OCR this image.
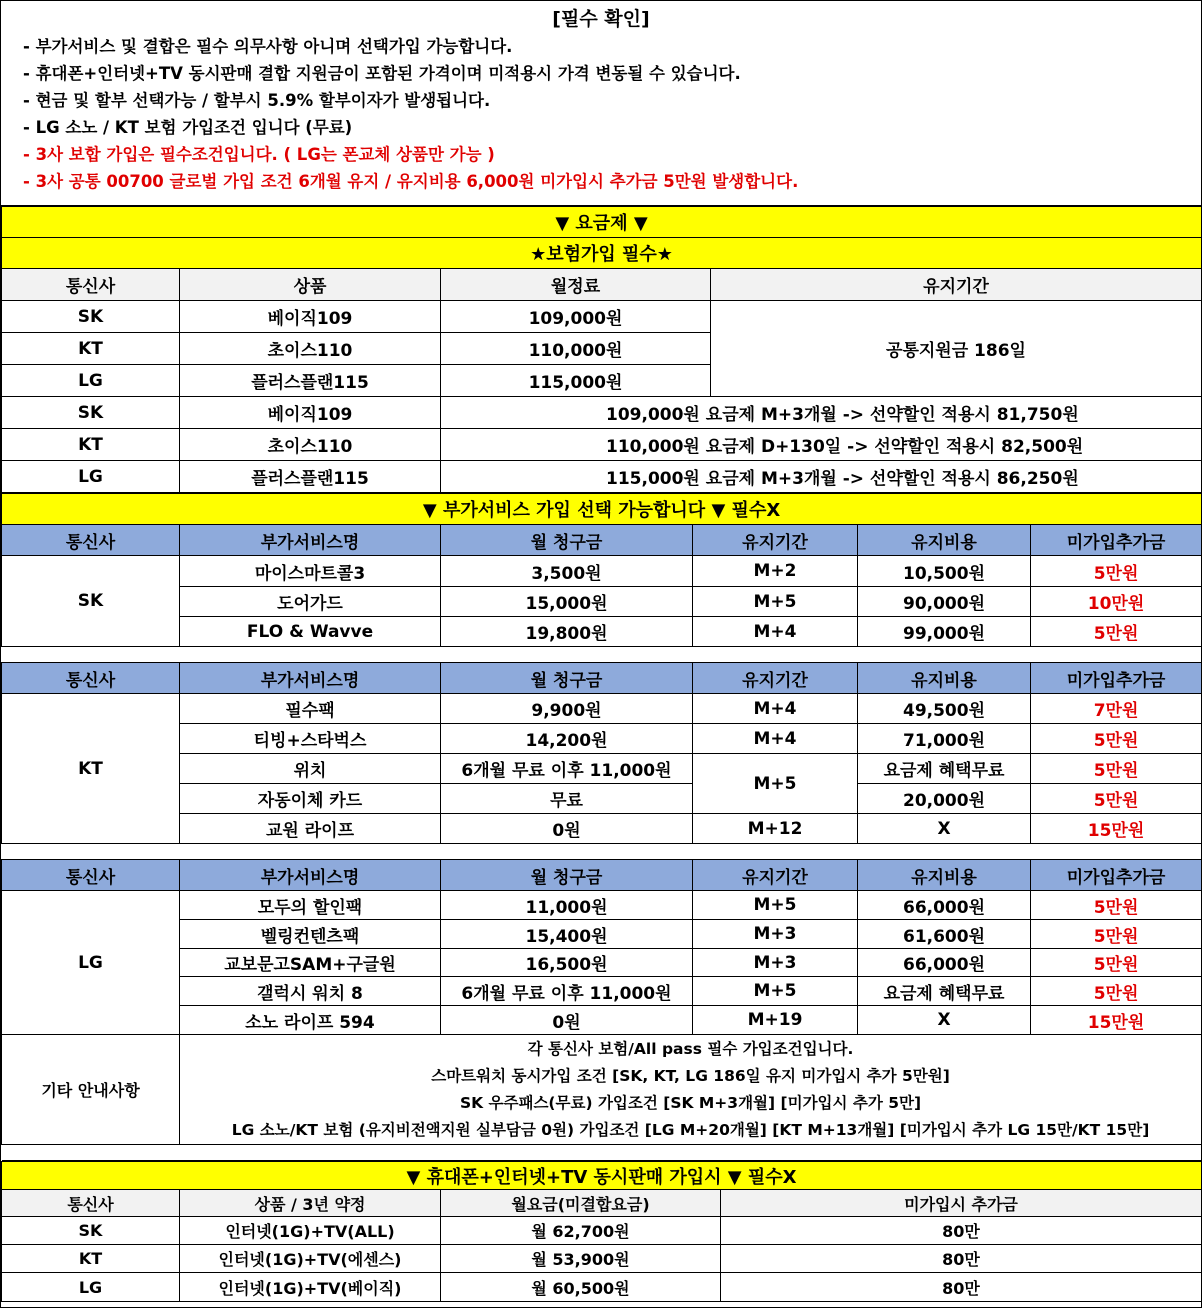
[필수 확인]
- 부가서비스 및 결합은 필수 의무사항 아니며 선택가입 가능합니다.
- 휴대폰+인터넷+TV 동시판매 결합 지원금이 포함된 가격이며 미적용시 가격 변동될 수 있습니다.
- 현금 및 할부 선택가능 / 할부시 5.9% 할부이자가 발생됩니다.
- LG 소노 / KT 보험 가입조건 입니다 (무료)
- 3사 보합 가입은 필수조건입니다. ( LG는 폰교체 상품만 가능 )
- 3사 공통 00700 글로벌 가입 조건 6개월 유지 / 유지비용 6,000원 미가입시 추가금 5만원 발생합니다.
▼ 요금제 ▼			
★보험가입 필수★			
통신사	상품	월정료	유지기간
SK	베이직109	109,000원	공통지원금 186일
KT	초이스110	110,000원	
LG	플러스플랜115	115,000원	
SK	베이직109	109,000원 요금제 M+3개월 -> 선약할인 적용시 81,750원	
KT	초이스110	110,000원 요금제 D+130일 -> 선약할인 적용시 82,500원	
LG	플러스플랜115	115,000원 요금제 M+3개월 -> 선약할인 적용시 86,250원	
▼ 부가서비스 가입 선택 가능합니다 ▼ 필수X					
통신사	부가서비스명	월 청구금	유지기간	유지비용	미가입추가금
SK	마이스마트콜3	3,500원	M+2	10,500원	5만원
	도어가드	15,000원	M+5	90,000원	10만원
	FLO & Wavve	19,800원	M+4	99,000원	5만원

통신사	부가서비스명	월 청구금	유지기간	유지비용	미가입추가금
KT	필수팩	9,900원	M+4	49,500원	7만원
	티빙+스타벅스	14,200원	M+4	71,000원	5만원
	위치	6개월 무료 이후 11,000원	M+5	요금제 혜택무료	5만원
	자동이체 카드	무료		20,000원	5만원
	교원 라이프	0원	M+12	X	15만원

통신사	부가서비스명	월 청구금	유지기간	유지비용	미가입추가금
LG	모두의 할인팩	11,000원	M+5	66,000원	5만원
	벨링컨텐츠팩	15,400원	M+3	61,600원	5만원
	교보문고SAM+구글원	16,500원	M+3	66,000원	5만원
	갤럭시 워치 8	6개월 무료 이후 11,000원	M+5	요금제 혜택무료	5만원
	소노 라이프 594	0원	M+19	X	15만원
기타 안내사항	각 통신사 보험/All pass 필수 가입조건입니다.
스마트워치 동시가입 조건 [SK, KT, LG 186일 유지 미가입시 추가 5만원]
SK 우주패스(무료) 가입조건 [SK M+3개월] [미가입시 추가 5만]
LG 소노/KT 보험 (유지비전액지원 실부담금 0원) 가입조건 [LG M+20개월] [KT M+13개월] [미가입시 추가 LG 15만/KT 15만]				

▼ 휴대폰+인터넷+TV 동시판매 가입시 ▼ 필수X			
통신사	상품 / 3년 약정	월요금(미결합요금)	미가입시 추가금
SK	인터넷(1G)+TV(ALL)	월 62,700원	80만
KT	인터넷(1G)+TV(에센스)	월 53,900원	80만
LG	인터넷(1G)+TV(베이직)	월 60,500원	80만
